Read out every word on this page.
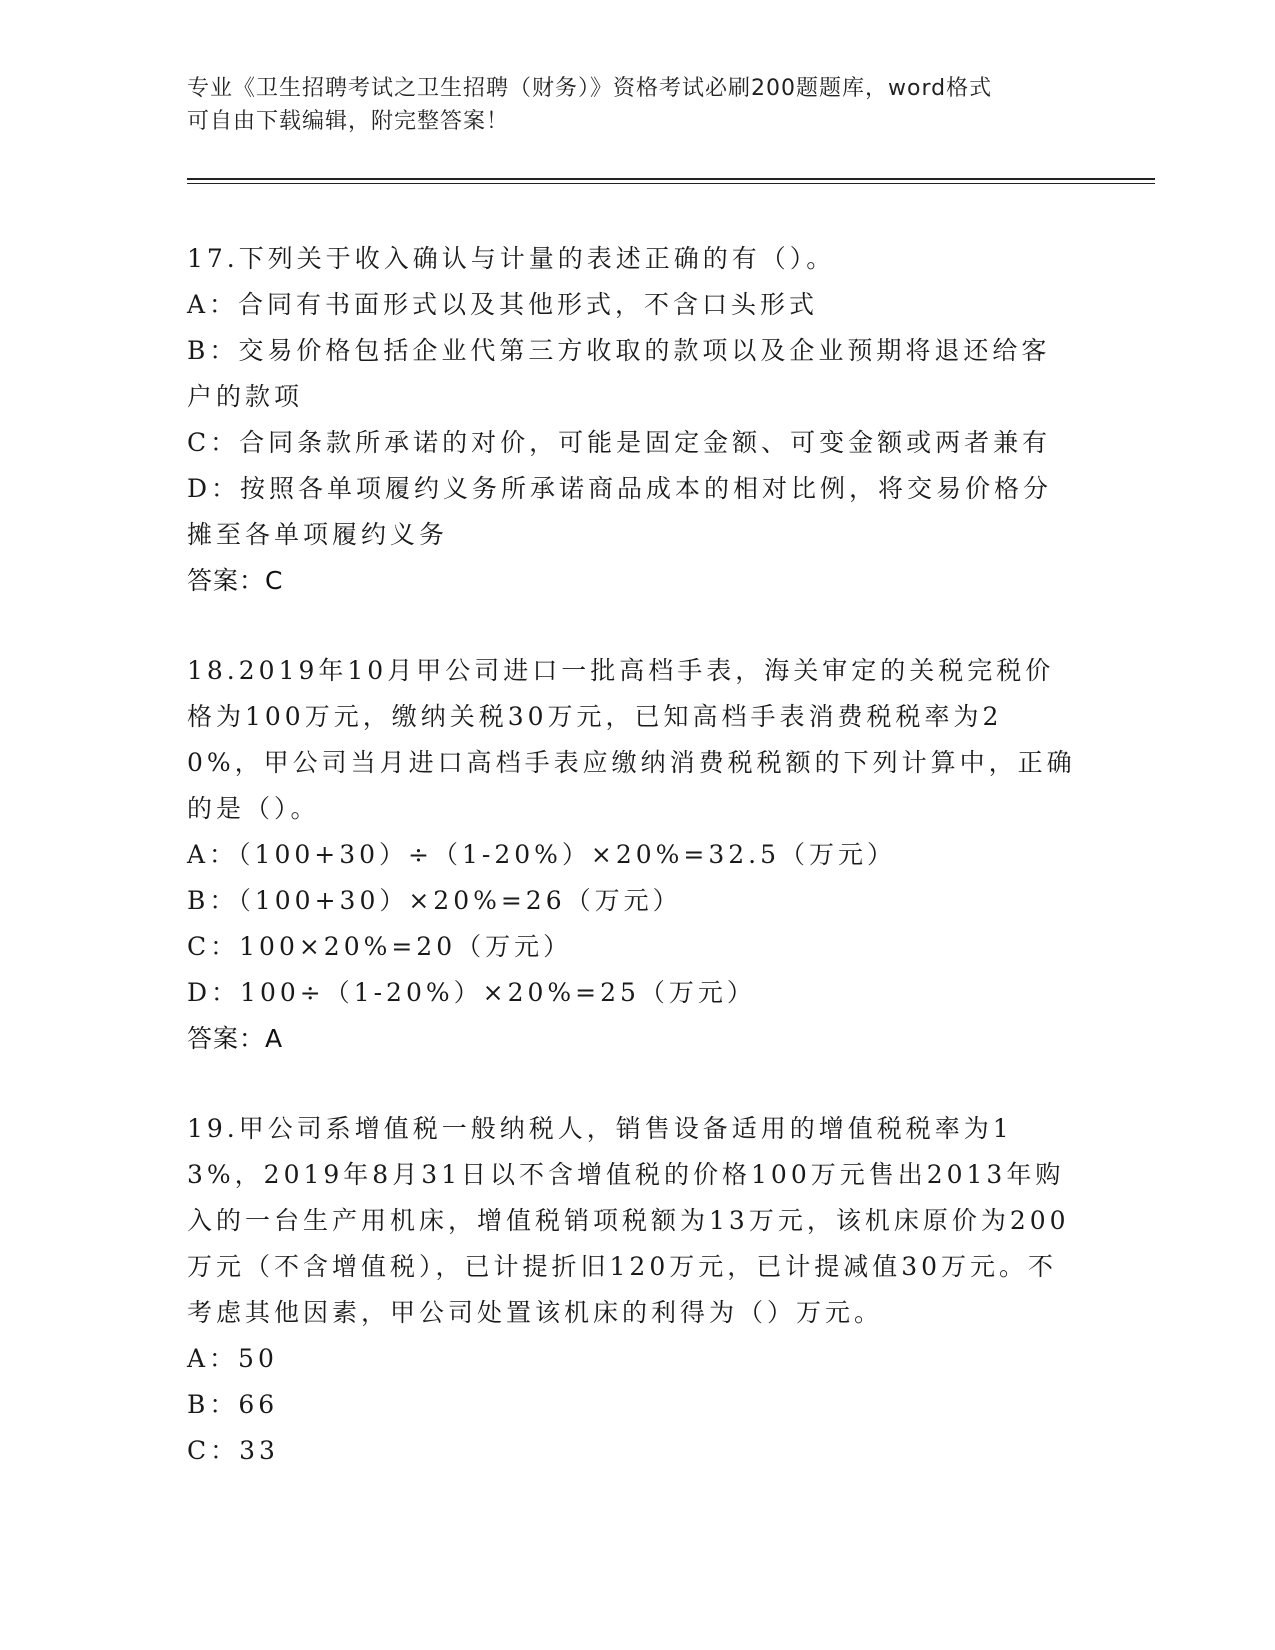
专业《卫生招聘考试之卫生招聘（财务）》资格考试必刷200题题库，word格式
可自由下载编辑，附完整答案！
17.下列关于收入确认与计量的表述正确的有（）。
A：合同有书面形式以及其他形式，不含口头形式
B：交易价格包括企业代第三方收取的款项以及企业预期将退还给客户的款项
C：合同条款所承诺的对价，可能是固定金额、可变金额或两者兼有
D：按照各单项履约义务所承诺商品成本的相对比例，将交易价格分摊至各单项履约义务
答案：C
18.2019年10月甲公司进口一批高档手表，海关审定的关税完税价格为100万元，缴纳关税30万元，已知高档手表消费税税率为20%，甲公司当月进口高档手表应缴纳消费税税额的下列计算中，正确的是（）。
A：（100+30）÷（1-20%）×20%=32.5（万元）
B：（100+30）×20%=26（万元）
C：100×20%=20（万元）
D：100÷（1-20%）×20%=25（万元）
答案：A
19.甲公司系增值税一般纳税人，销售设备适用的增值税税率为13%，2019年8月31日以不含增值税的价格100万元售出2013年购入的一台生产用机床，增值税销项税额为13万元，该机床原价为200万元（不含增值税），已计提折旧120万元，已计提减值30万元。不考虑其他因素，甲公司处置该机床的利得为（）万元。
A：50
B：66
C：33
